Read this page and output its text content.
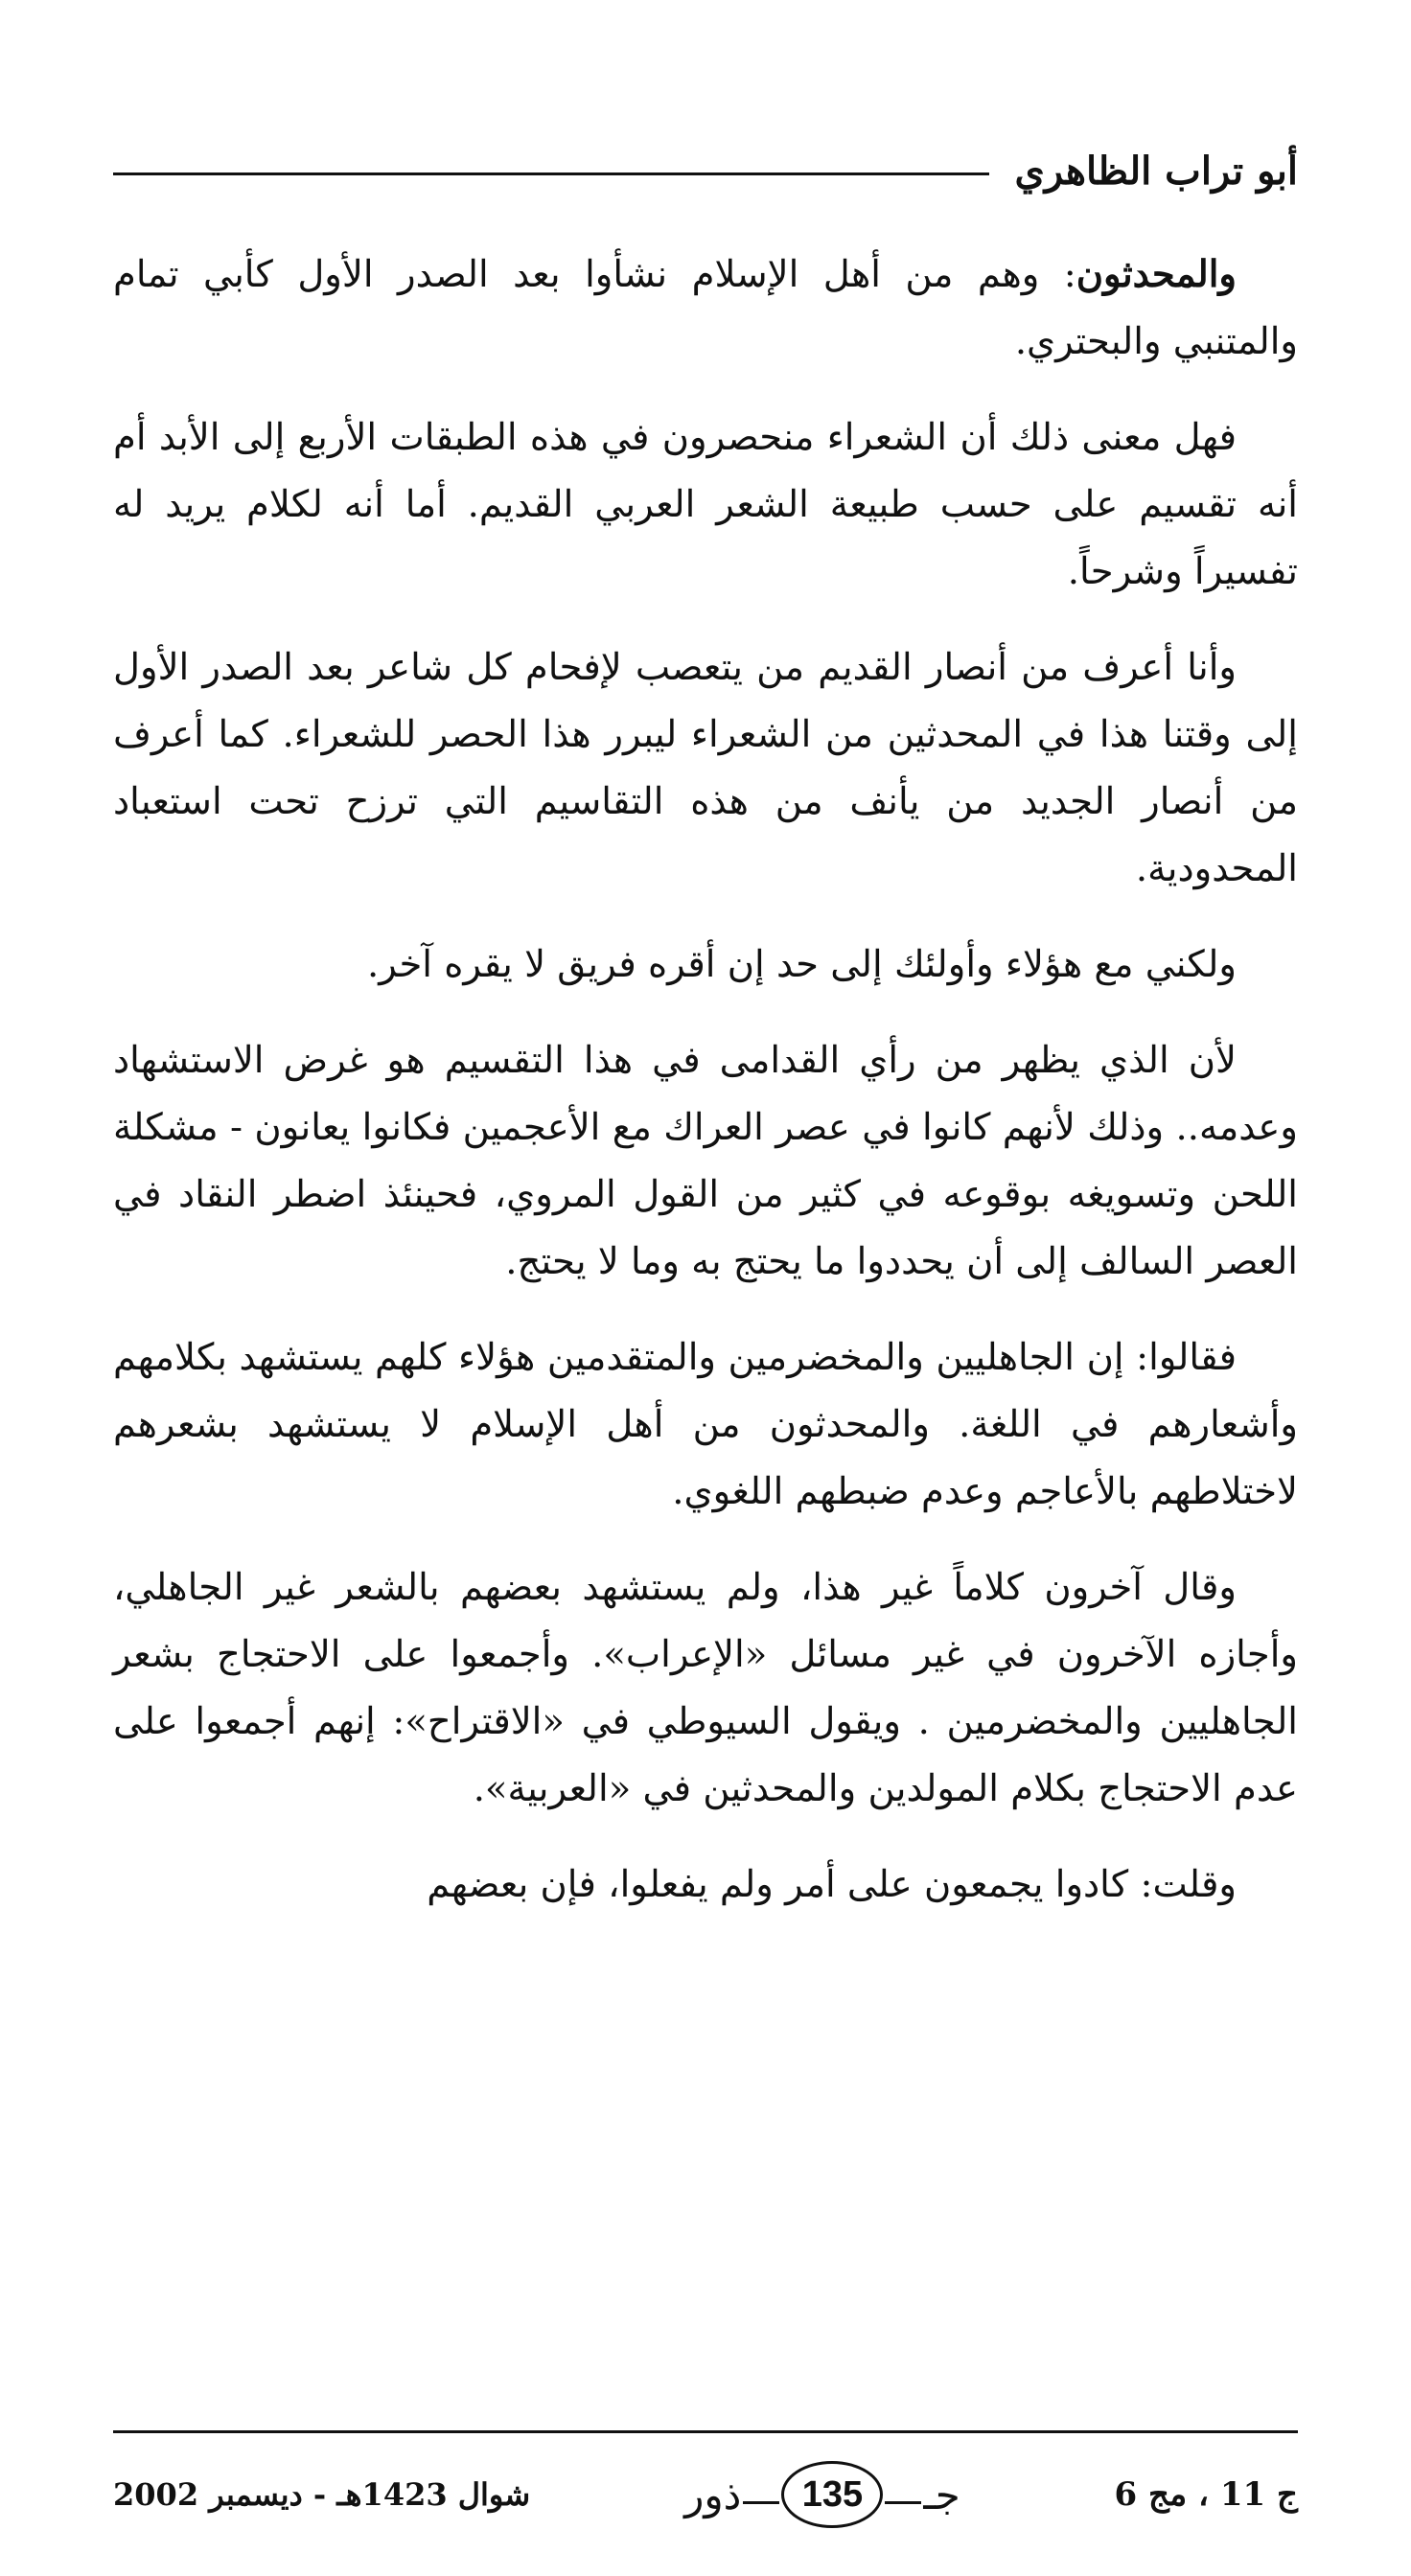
أبو تراب الظاهري

والمحدثون: وهم من أهل الإسلام نشأوا بعد الصدر الأول كأبي تمام والمتنبي والبحتري.

فهل معنى ذلك أن الشعراء منحصرون في هذه الطبقات الأربع إلى الأبد أم أنه تقسيم على حسب طبيعة الشعر العربي القديم. أما أنه لكلام يريد له تفسيراً وشرحاً.

وأنا أعرف من أنصار القديم من يتعصب لإفحام كل شاعر بعد الصدر الأول إلى وقتنا هذا في المحدثين من الشعراء ليبرر هذا الحصر للشعراء. كما أعرف من أنصار الجديد من يأنف من هذه التقاسيم التي ترزح تحت استعباد المحدودية.

ولكني مع هؤلاء وأولئك إلى حد إن أقره فريق لا يقره آخر.

لأن الذي يظهر من رأي القدامى في هذا التقسيم هو غرض الاستشهاد وعدمه.. وذلك لأنهم كانوا في عصر العراك مع الأعجمين فكانوا يعانون - مشكلة اللحن وتسويغه بوقوعه في كثير من القول المروي، فحينئذ اضطر النقاد في العصر السالف إلى أن يحددوا ما يحتج به وما لا يحتج.

فقالوا: إن الجاهليين والمخضرمين والمتقدمين هؤلاء كلهم يستشهد بكلامهم وأشعارهم في اللغة. والمحدثون من أهل الإسلام لا يستشهد بشعرهم لاختلاطهم بالأعاجم وعدم ضبطهم اللغوي.

وقال آخرون كلاماً غير هذا، ولم يستشهد بعضهم بالشعر غير الجاهلي، وأجازه الآخرون في غير مسائل «الإعراب». وأجمعوا على الاحتجاج بشعر الجاهليين والمخضرمين . ويقول السيوطي في «الاقتراح»: إنهم أجمعوا على عدم الاحتجاج بكلام المولدين والمحدثين في «العربية».

وقلت: كادوا يجمعون على أمر ولم يفعلوا، فإن بعضهم

ج 11 ، مج 6
جـ
135
ذور
شوال 1423هـ - ديسمبر 2002
